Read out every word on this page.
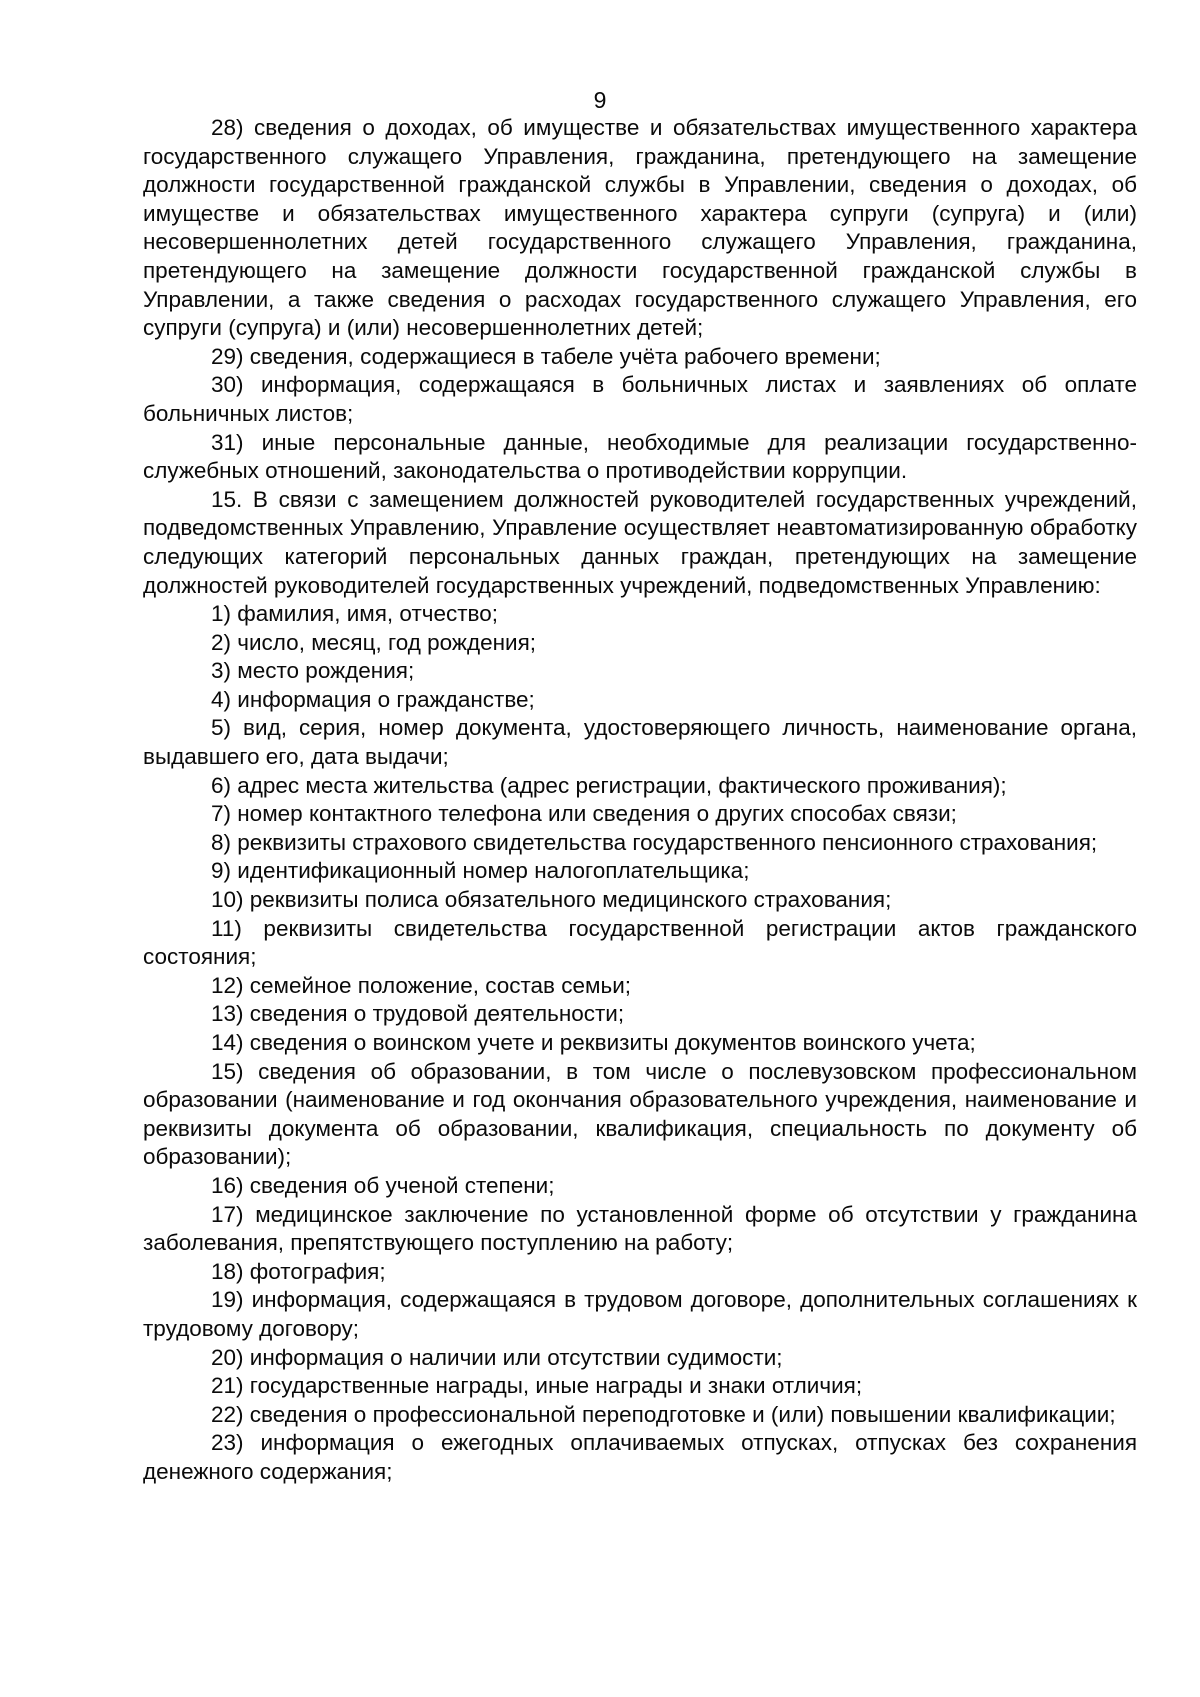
9

28) сведения о доходах, об имуществе и обязательствах имущественного характера государственного служащего Управления, гражданина, претендующего на замещение должности государственной гражданской службы в Управлении, сведения о доходах, об имуществе и обязательствах имущественного характера супруги (супруга) и (или) несовершеннолетних детей государственного служащего Управления, гражданина, претендующего на замещение должности государственной гражданской службы в Управлении, а также сведения о расходах государственного служащего Управления, его супруги (супруга) и (или) несовершеннолетних детей;

29) сведения, содержащиеся в табеле учёта рабочего времени;

30) информация, содержащаяся в больничных листах и заявлениях об оплате больничных листов;

31) иные персональные данные, необходимые для реализации государственно-служебных отношений, законодательства о противодействии коррупции.

15. В связи с замещением должностей руководителей государственных учреждений, подведомственных Управлению, Управление осуществляет неавтоматизированную обработку следующих категорий персональных данных граждан, претендующих на замещение должностей руководителей государственных учреждений, подведомственных Управлению:

1) фамилия, имя, отчество;

2) число, месяц, год рождения;

3) место рождения;

4) информация о гражданстве;

5) вид, серия, номер документа, удостоверяющего личность, наименование органа, выдавшего его, дата выдачи;

6) адрес места жительства (адрес регистрации, фактического проживания);

7) номер контактного телефона или сведения о других способах связи;

8) реквизиты страхового свидетельства государственного пенсионного страхования;

9) идентификационный номер налогоплательщика;

10) реквизиты полиса обязательного медицинского страхования;

11) реквизиты свидетельства государственной регистрации актов гражданского состояния;

12) семейное положение, состав семьи;

13) сведения о трудовой деятельности;

14) сведения о воинском учете и реквизиты документов воинского учета;

15) сведения об образовании, в том числе о послевузовском профессиональном образовании (наименование и год окончания образовательного учреждения, наименование и реквизиты документа об образовании, квалификация, специальность по документу об образовании);

16) сведения об ученой степени;

17) медицинское заключение по установленной форме об отсутствии у гражданина заболевания, препятствующего поступлению на работу;

18) фотография;

19) информация, содержащаяся в трудовом договоре, дополнительных соглашениях к трудовому договору;

20) информация о наличии или отсутствии судимости;

21) государственные награды, иные награды и знаки отличия;

22) сведения о профессиональной переподготовке и (или) повышении квалификации;

23) информация о ежегодных оплачиваемых отпусках, отпусках без сохранения денежного содержания;
